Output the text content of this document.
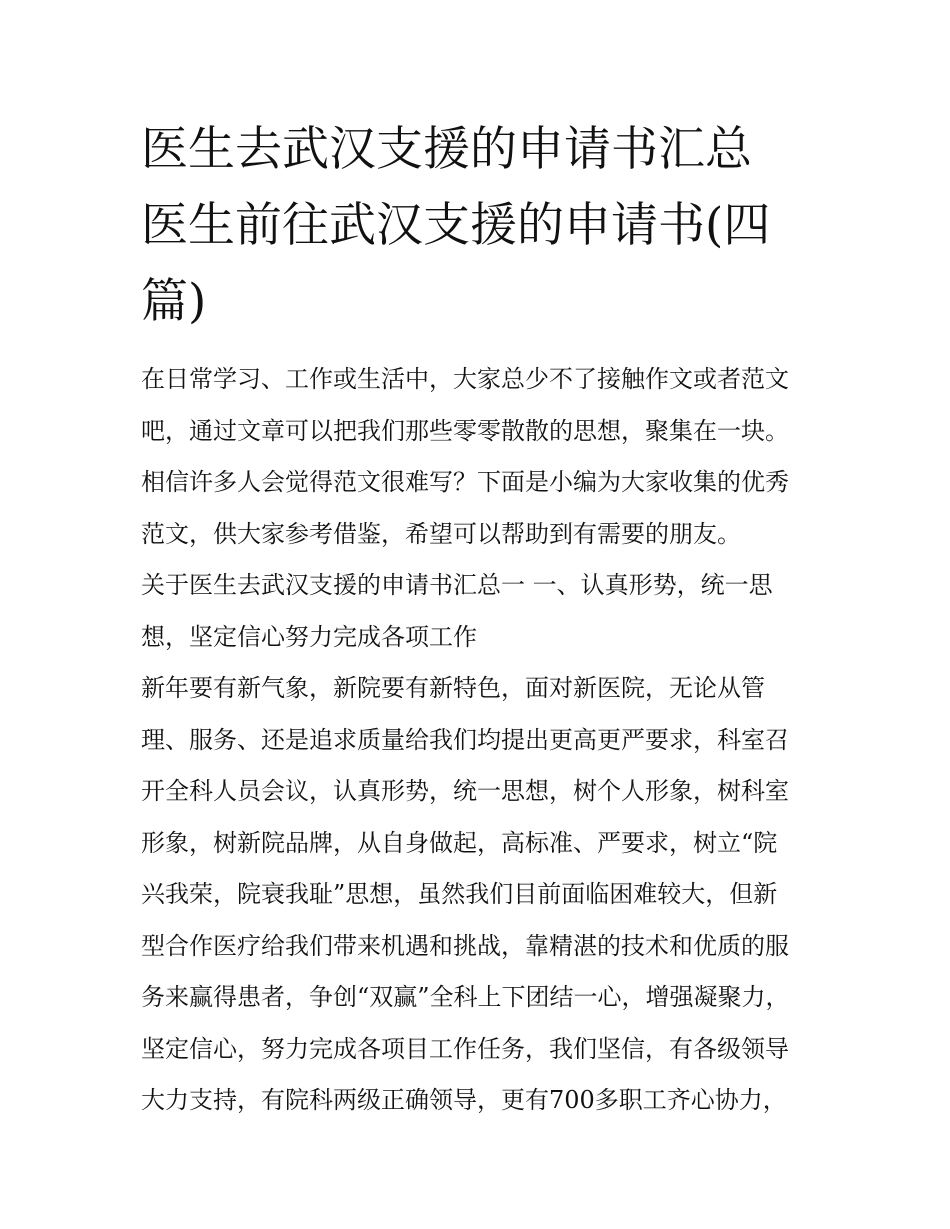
医生去武汉支援的申请书汇总
医生前往武汉支援的申请书(四
篇)

在日常学习、工作或生活中，大家总少不了接触作文或者范文
吧，通过文章可以把我们那些零零散散的思想，聚集在一块。
相信许多人会觉得范文很难写？下面是小编为大家收集的优秀
范文，供大家参考借鉴，希望可以帮助到有需要的朋友。

关于医生去武汉支援的申请书汇总一 一、认真形势，统一思
想，坚定信心努力完成各项工作

新年要有新气象，新院要有新特色，面对新医院，无论从管
理、服务、还是追求质量给我们均提出更高更严要求，科室召
开全科人员会议，认真形势，统一思想，树个人形象，树科室
形象，树新院品牌，从自身做起，高标准、严要求，树立“院
兴我荣，院衰我耻”思想，虽然我们目前面临困难较大，但新
型合作医疗给我们带来机遇和挑战，靠精湛的技术和优质的服
务来赢得患者，争创“双赢”全科上下团结一心，增强凝聚力，
坚定信心，努力完成各项目工作任务，我们坚信，有各级领导
大力支持，有院科两级正确领导，更有700多职工齐心协力，
